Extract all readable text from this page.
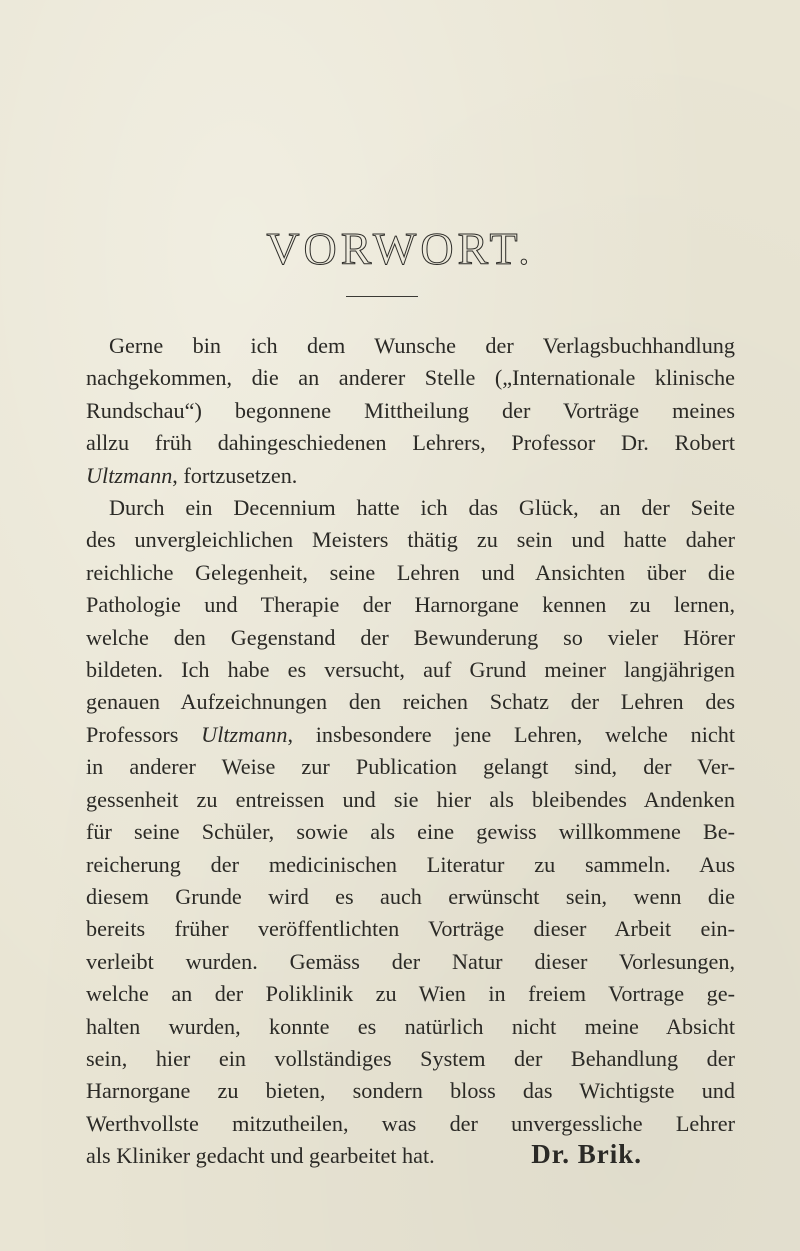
VORWORT.
Gerne bin ich dem Wunsche der Verlagsbuchhandlung
nachgekommen, die an anderer Stelle („Internationale klinische
Rundschau“) begonnene Mittheilung der Vorträge meines
allzu früh dahingeschiedenen Lehrers, Professor Dr. Robert
Ultzmann, fortzusetzen.
Durch ein Decennium hatte ich das Glück, an der Seite
des unvergleichlichen Meisters thätig zu sein und hatte daher
reichliche Gelegenheit, seine Lehren und Ansichten über die
Pathologie und Therapie der Harnorgane kennen zu lernen,
welche den Gegenstand der Bewunderung so vieler Hörer
bildeten. Ich habe es versucht, auf Grund meiner langjährigen
genauen Aufzeichnungen den reichen Schatz der Lehren des
Professors Ultzmann, insbesondere jene Lehren, welche nicht
in anderer Weise zur Publication gelangt sind, der Ver-
gessenheit zu entreissen und sie hier als bleibendes Andenken
für seine Schüler, sowie als eine gewiss willkommene Be-
reicherung der medicinischen Literatur zu sammeln. Aus
diesem Grunde wird es auch erwünscht sein, wenn die
bereits früher veröffentlichten Vorträge dieser Arbeit ein-
verleibt wurden. Gemäss der Natur dieser Vorlesungen,
welche an der Poliklinik zu Wien in freiem Vortrage ge-
halten wurden, konnte es natürlich nicht meine Absicht
sein, hier ein vollständiges System der Behandlung der
Harnorgane zu bieten, sondern bloss das Wichtigste und
Werthvollste mitzutheilen, was der unvergessliche Lehrer
als Kliniker gedacht und gearbeitet hat.	Dr. Brik.
